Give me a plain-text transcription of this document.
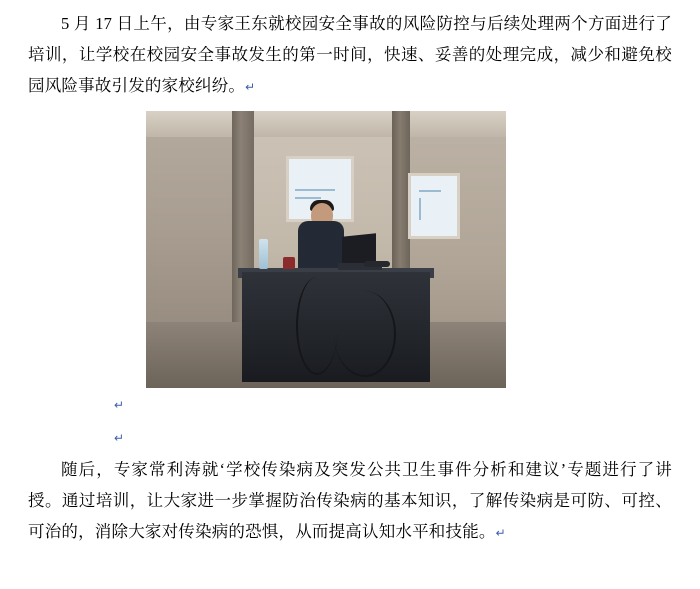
5 月 17 日上午，由专家王东就校园安全事故的风险防控与后续处理两个方面进行了培训，让学校在校园安全事故发生的第一时间，快速、妥善的处理完成，减少和避免校园风险事故引发的家校纠纷。↵

↵
↵

随后，专家常利涛就‘学校传染病及突发公共卫生事件分析和建议’专题进行了讲授。通过培训，让大家进一步掌握防治传染病的基本知识，了解传染病是可防、可控、可治的，消除大家对传染病的恐惧，从而提高认知水平和技能。↵
